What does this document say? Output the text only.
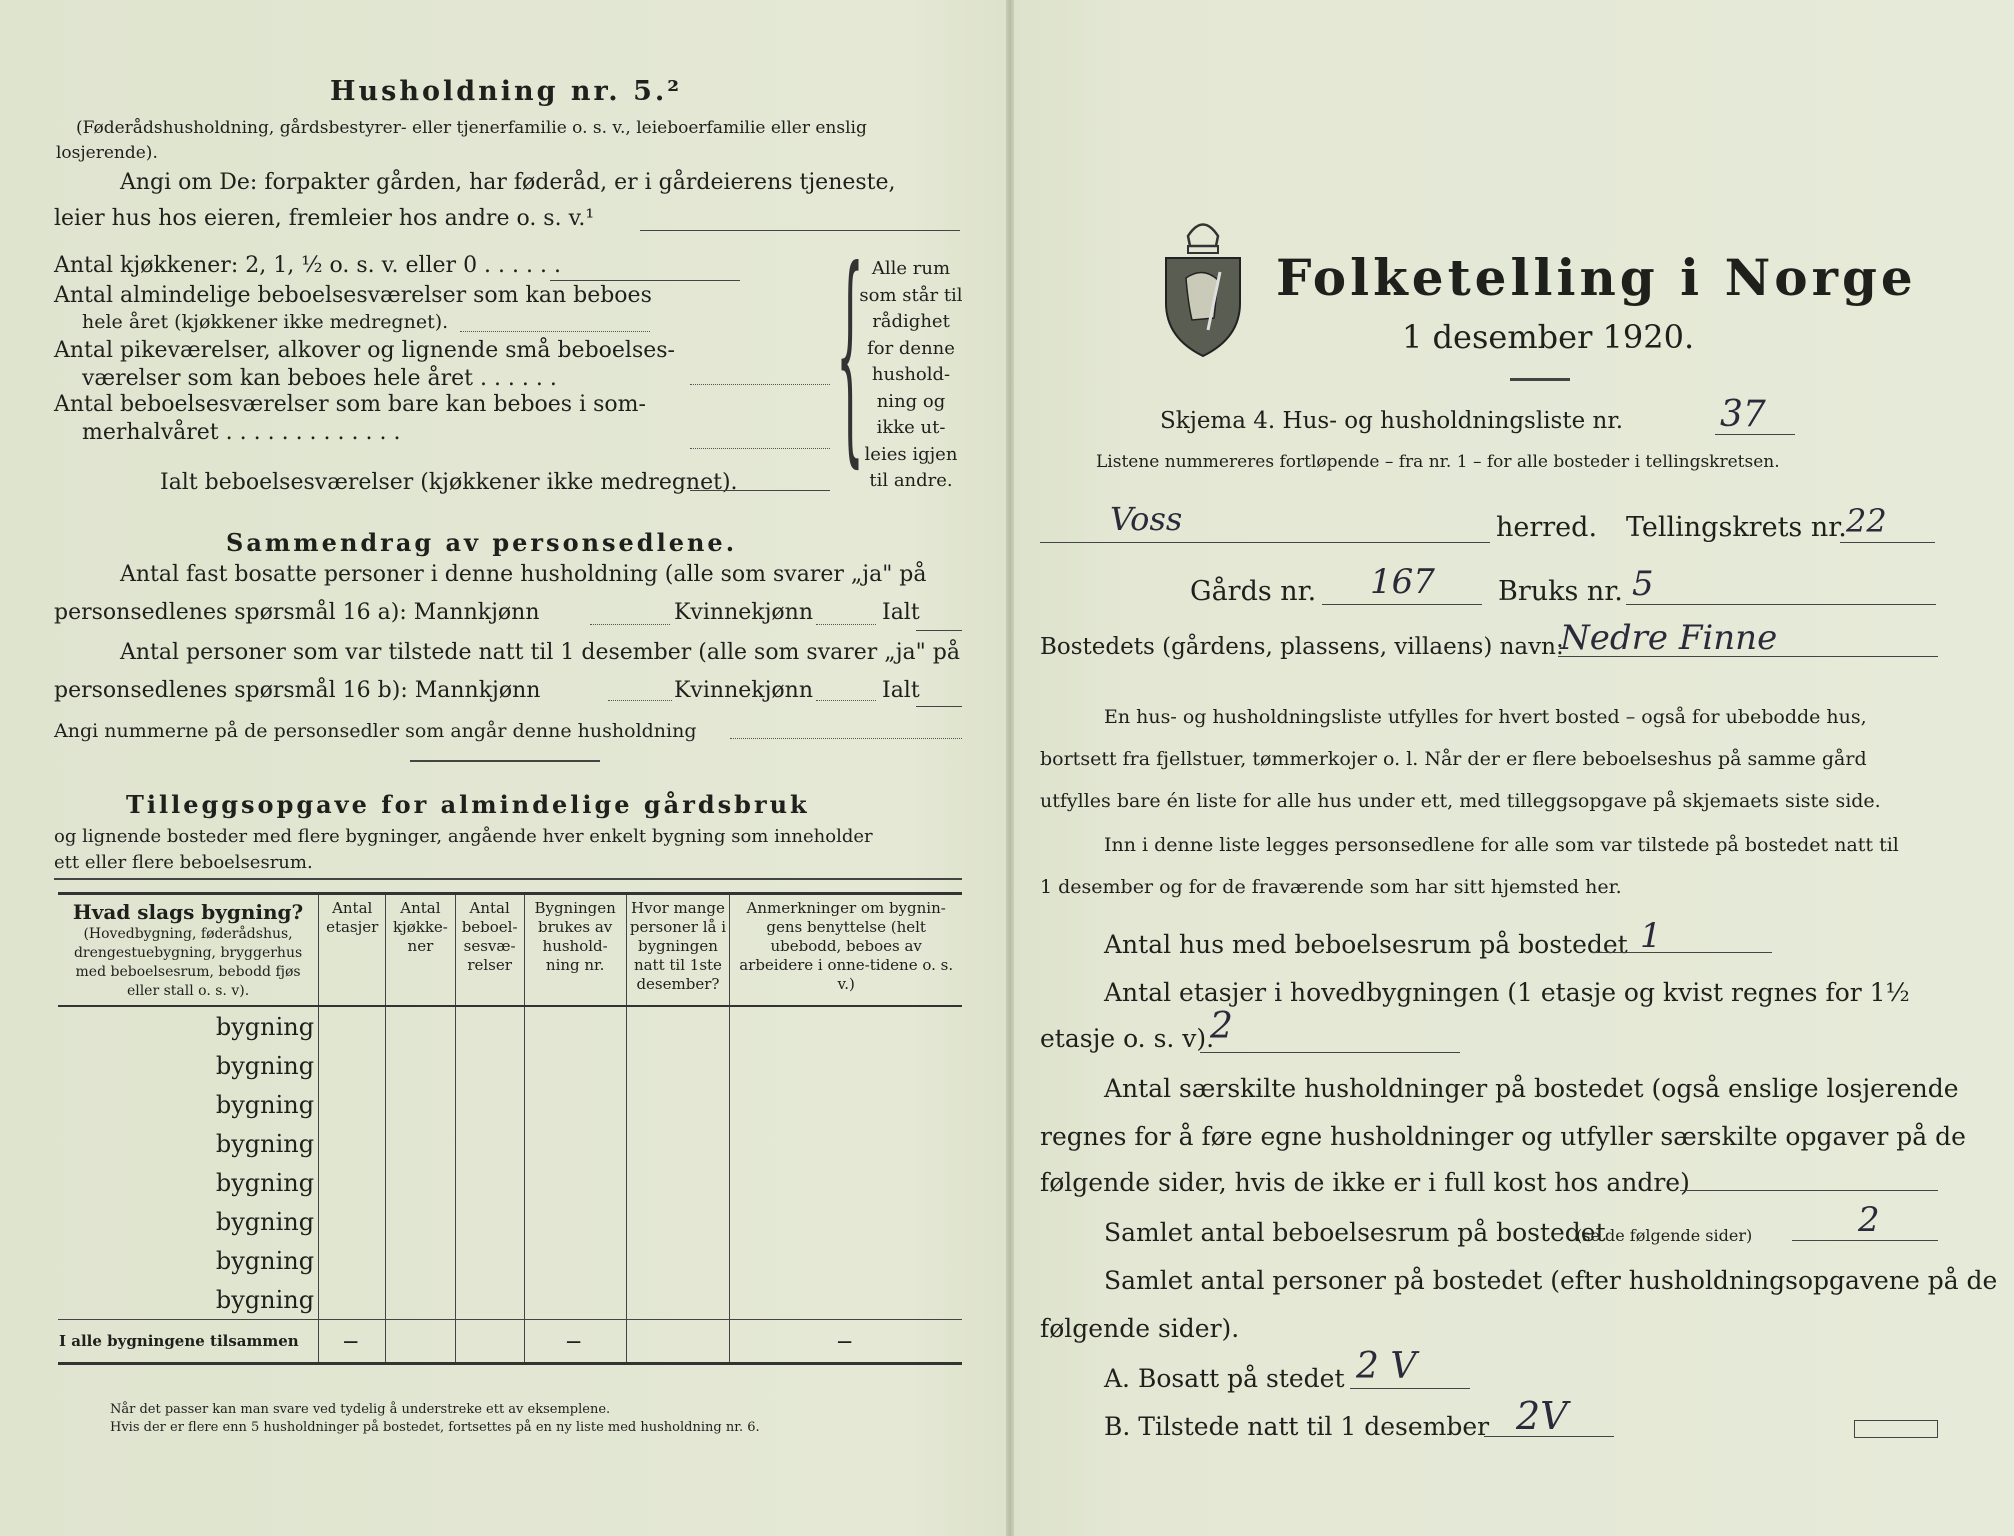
Husholdning nr. 5.²
(Føderådshusholdning, gårdsbestyrer- eller tjenerfamilie o. s. v., leieboerfamilie eller enslig losjerende).
Angi om De: forpakter gården, har føderåd, er i gårdeierens tjeneste,
leier hus hos eieren, fremleier hos andre o. s. v.¹
Antal kjøkkener: 2, 1, ½ o. s. v. eller 0 . . . . . .
Antal almindelige beboelsesværelser som kan beboes
hele året (kjøkkener ikke medregnet).
Antal pikeværelser, alkover og lignende små beboelses-
værelser som kan beboes hele året . . . . . .
Antal beboelsesværelser som bare kan beboes i som-
merhalvåret . . . . . . . . . . . . .
Ialt beboelsesværelser (kjøkkener ikke medregnet). { Alle rum
som står til
rådighet
for denne
hushold-
ning og
ikke ut-
leies igjen
til andre.
Sammendrag av personsedlene.
Antal fast bosatte personer i denne husholdning (alle som svarer „ja" på
personsedlenes spørsmål 16 a): Mannkjønn	Kvinnekjønn	Ialt
Antal personer som var tilstede natt til 1 desember (alle som svarer „ja" på
personsedlenes spørsmål 16 b): Mannkjønn	Kvinnekjønn	Ialt
Angi nummerne på de personsedler som angår denne husholdning
Tilleggsopgave for almindelige gårdsbruk
og lignende bosteder med flere bygninger, angående hver enkelt bygning som inneholder
ett eller flere beboelsesrum.
Hvad slags bygning?
(Hovedbygning, føderådshus, drengestuebygning, bryggerhus med beboelsesrum, bebodd fjøs eller stall o. s. v).	Antal etasjer	Antal kjøkke-ner	Antal beboel-sesvæ-relser	Bygningen brukes av hushold-ning nr.	Hvor mange personer lå i bygningen natt til 1ste desember?	Anmerkninger om bygnin-gens benyttelse (helt ubebodd, beboes av arbeidere i onne-tidene o. s. v.)
bygning						
bygning						
bygning						
bygning						
bygning						
bygning						
bygning						
bygning						
I alle bygningene tilsammen	—			—		—
Når det passer kan man svare ved tydelig å understreke ett av eksemplene.
Hvis der er flere enn 5 husholdninger på bostedet, fortsettes på en ny liste med husholdning nr. 6.
Folketelling i Norge
1 desember 1920.
Skjema 4. Hus- og husholdningsliste nr.	37
Listene nummereres fortløpende – fra nr. 1 – for alle bosteder i tellingskretsen.
Voss	herred. Tellingskrets nr. 22
Gårds nr. 167 Bruks nr. 5
Bostedets (gårdens, plassens, villaens) navn:
Nedre Finne
En hus- og husholdningsliste utfylles for hvert bosted – også for ubebodde hus,
bortsett fra fjellstuer, tømmerkojer o. l. Når der er flere beboelseshus på samme gård
utfylles bare én liste for alle hus under ett, med tilleggsopgave på skjemaets siste side.
Inn i denne liste legges personsedlene for alle som var tilstede på bostedet natt til
1 desember og for de fraværende som har sitt hjemsted her.
Antal hus med beboelsesrum på bostedet 1
Antal etasjer i hovedbygningen (1 etasje og kvist regnes for 1½
etasje o. s. v).
2
Antal særskilte husholdninger på bostedet (også enslige losjerende
regnes for å føre egne husholdninger og utfyller særskilte opgaver på de
følgende sider, hvis de ikke er i full kost hos andre)
Samlet antal beboelsesrum på bostedet
(se de følgende sider)	2
Samlet antal personer på bostedet (efter husholdningsopgavene på de
følgende sider).
A. Bosatt på stedet 2 V
B. Tilstede natt til 1 desember 2V
